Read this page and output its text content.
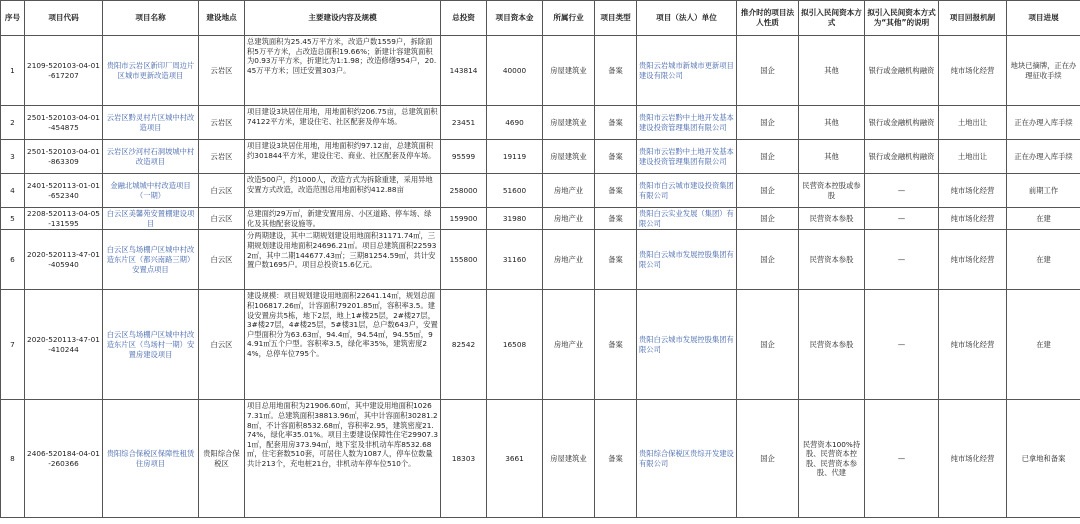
序号	项目代码	项目名称	建设地点	主要建设内容及规模	总投资	项目资本金	所属行业	项目类型	项目（法人）单位	推介时的项目法人性质	拟引入民间资本方式	拟引入民间资本方式为“其他”的说明	项目回报机制	项目进展
1	2109-520103-04-01-617207	贵阳市云岩区新印厂周边片区城市更新改造项目	云岩区	总建筑面积为25.45万平方米，改造户数1559户，拆除面积5万平方米，占改造总面积19.66%；新建计容建筑面积为0.93万平方米，折建比为1:1.98；改造修缮954户，20.45万平方米；回迁安置303户。	143814	40000	房屋建筑业	备案	贵阳云岩城市新城市更新项目建设有限公司	国企	其他	银行或金融机构融资	纯市场化经营	地块已摘牌，正在办理征收手续
2	2501-520103-04-01-454875	云岩区黔灵村片区城中村改造项目	云岩区	项目建设3块居住用地，用地面积约206.75亩，总建筑面积74122平方米，建设住宅、社区配套及停车场。	23451	4690	房屋建筑业	备案	贵阳市云岩黔中土地开发基本建设投资管理集团有限公司	国企	其他	银行或金融机构融资	土地出让	正在办理入库手续
3	2501-520103-04-01-863309	云岩区沙河村石洞坡城中村改造项目	云岩区	项目建设3块居住用地，用地面积约97.12亩，总建筑面积约301844平方米，建设住宅、商业、社区配套及停车场。	95599	19119	房屋建筑业	备案	贵阳市云岩黔中土地开发基本建设投资管理集团有限公司	国企	其他	银行或金融机构融资	土地出让	正在办理入库手续
4	2401-520113-01-01-652340	金融北城城中村改造项目（一期）	白云区	改造500户，约1000人，改造方式为拆除重建，采用异地安置方式改造，改造范围总用地面积约412.88亩	258000	51600	房地产业	备案	贵阳市白云城市建设投资集团有限公司	国企	民营资本控股或参股	—	纯市场化经营	前期工作
5	2208-520113-04-05-131595	白云区美馨苑安置棚建设项目	白云区	总建面约29万㎡，新建安置用房、小区道路、停车场、绿化及其他配套设施等。	159900	31980	房地产业	备案	贵阳白云实业发展（集团）有限公司	国企	民营资本参股	—	纯市场化经营	在建
6	2020-520113-47-01-405940	白云区鸟场棚户区城中村改造东片区（都兴南路三期）安置点项目	白云区	分两期建设，其中二期规划建设用地面积31171.74㎡，三期规划建设用地面积24696.21㎡。项目总建筑面积225932㎡，其中二期144677.43㎡；三期81254.59㎡，共计安置户数1695户。项目总投资15.6亿元。	155800	31160	房地产业	备案	贵阳白云城市发展控股集团有限公司	国企	民营资本参股	—	纯市场化经营	在建
7	2020-520113-47-01-410244	白云区鸟场棚户区城中村改造东片区（鸟场村一期）安置房建设项目	白云区	建设规模：项目规划建设用地面积22641.14㎡，规划总面积106817.26㎡，计容面积79201.85㎡，容积率3.5。建设安置房共5栋，地下2层，地上1#楼25层，2#楼27层，3#楼27层，4#楼25层，5#楼31层，总户数643户，安置户型面积分为63.63㎡，94.4㎡，94.54㎡，94.55㎡，94.91㎡五个户型。容积率3.5，绿化率35%，建筑密度24%，总停车位795个。	82542	16508	房地产业	备案	贵阳白云城市发展控股集团有限公司	国企	民营资本参股	—	纯市场化经营	在建
8	2406-520184-04-01-260366	贵阳综合保税区保障性租赁住房项目	贵阳综合保税区	项目总用地面积为21906.60㎡，其中建设用地面积10267.31㎡。总建筑面积38813.96㎡，其中计容面积30281.28㎡，不计容面积8532.68㎡，容积率2.95，建筑密度21.74%，绿化率35.01%。项目主要建设保障性住宅29907.31㎡，配套用房373.94㎡，地下室及非机动车库8532.68㎡，住宅套数510套，可居住人数为1087人，停车位数量共计213个，充电桩21台，非机动车停车位510个。	18303	3661	房屋建筑业	备案	贵阳综合保税区贵综开发建设有限公司	国企	民营资本100%持股、民营资本控股、民营资本参股、代建	—	纯市场化经营	已拿地和备案
